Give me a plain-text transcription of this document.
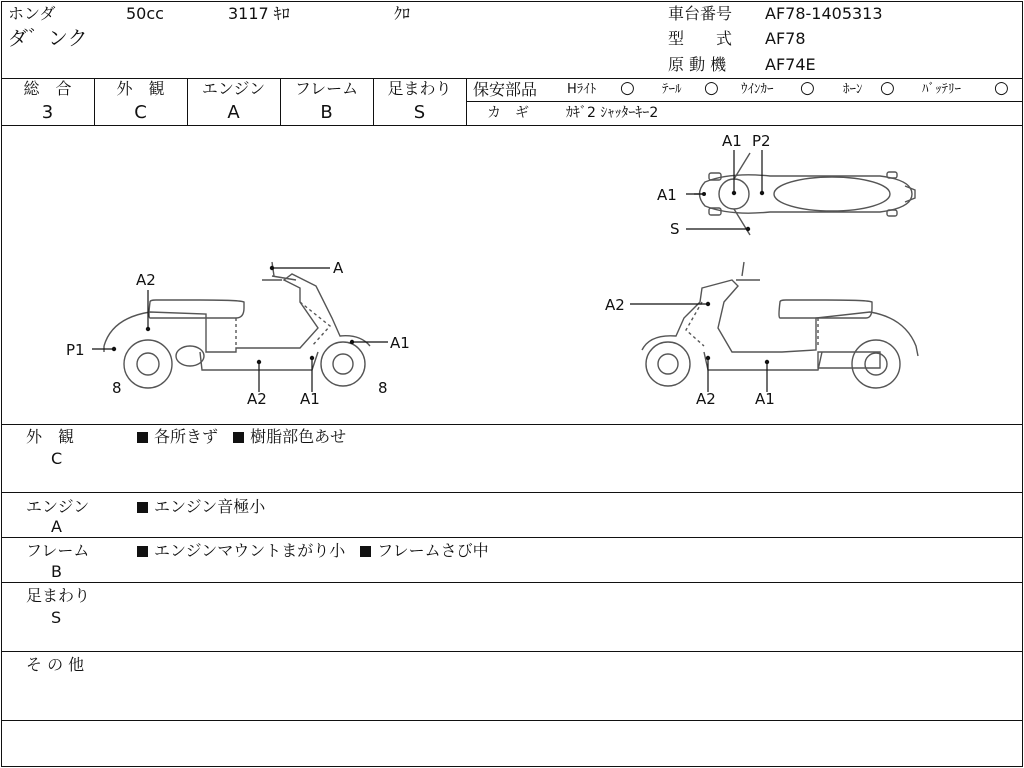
ホンダ	50cc	3117 ｷﾛ	ｸﾛ
ダ゛ンク
車台番号 AF78-1405313
型　　式 AF78
原 動 機 AF74E
総　合
3
外　観
C
エンジン
A
フレーム
B
足まわり
S
保安部品 Hﾗｲﾄ ○ ﾃｰﾙ ○ ｳｲﾝｶｰ ○ ﾎｰﾝ ○ ﾊﾞｯﾃﾘｰ ○
カ　ギ	ｶｷﾞ2 ｼｬｯﾀｰｷｰ2
A1
A1 P2
S
A
A2
P1	A1
A2 A1
8	8
A2
A2	A1
外　観
C
各所きず 樹脂部色あせ
エンジン
A
エンジン音極小
フレーム
B
エンジンマウントまがり小 フレームさび中
足まわり
S
そ の 他
